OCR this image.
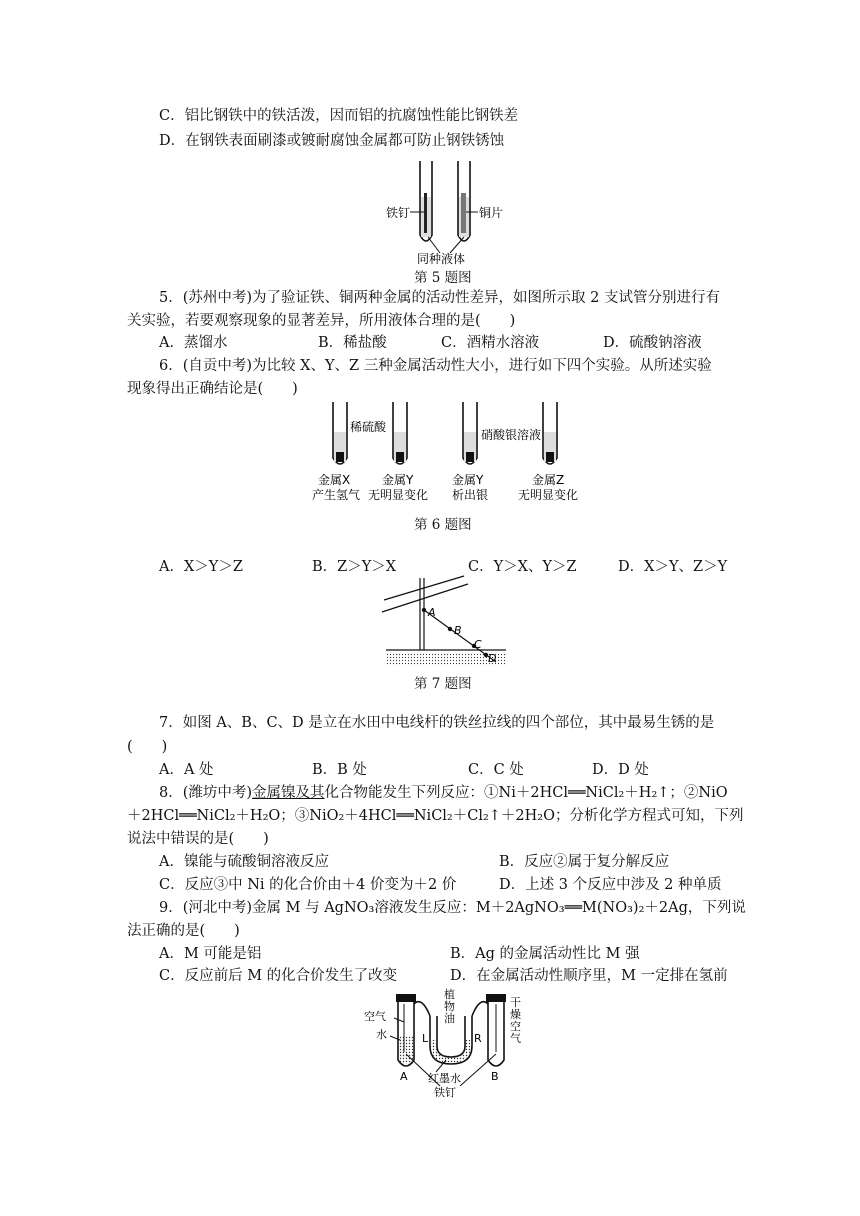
C．铝比钢铁中的铁活泼，因而铝的抗腐蚀性能比钢铁差
D．在钢铁表面刷漆或镀耐腐蚀金属都可防止钢铁锈蚀
铁钉	铜片
同种液体
第 5 题图
5．(苏州中考)为了验证铁、铜两种金属的活动性差异，如图所示取 2 支试管分别进行有
关实验，若要观察现象的显著差异，所用液体合理的是(　　)
A．蒸馏水	B．稀盐酸	C．酒精水溶液	D．硫酸钠溶液
6．(自贡中考)为比较 X、Y、Z 三种金属活动性大小，进行如下四个实验。从所述实验
现象得出正确结论是(　　)
稀硫酸
硝酸银溶液
金属X
产生氢气
金属Y
无明显变化
金属Y
析出银
金属Z
无明显变化
第 6 题图
A．X＞Y＞Z	B．Z＞Y＞X	C．Y＞X、Y＞Z	D．X＞Y、Z＞Y
A
B
C
D
第 7 题图
7．如图 A、B、C、D 是立在水田中电线杆的铁丝拉线的四个部位，其中最易生锈的是
(　　)
A．A 处	B．B 处	C．C 处	D．D 处
8．(潍坊中考)金属镍及其化合物能发生下列反应：①Ni＋2HCl══NiCl₂＋H₂↑；②NiO
＋2HCl══NiCl₂＋H₂O；③NiO₂＋4HCl══NiCl₂＋Cl₂↑＋2H₂O；分析化学方程式可知，下列
说法中错误的是(　　)
A．镍能与硫酸铜溶液反应	B．反应②属于复分解反应
C．反应③中 Ni 的化合价由＋4 价变为＋2 价	D．上述 3 个反应中涉及 2 种单质
9．(河北中考)金属 M 与 AgNO₃溶液发生反应：M＋2AgNO₃══M(NO₃)₂＋2Ag，下列说
法正确的是(　　)
A．M 可能是铝	B．Ag 的金属活动性比 M 强
C．反应前后 M 的化合价发生了改变	D．在金属活动性顺序里，M 一定排在氢前
空气
水
植
物
油
干
燥
空
气
L	R
红墨水
铁钉
A	B
